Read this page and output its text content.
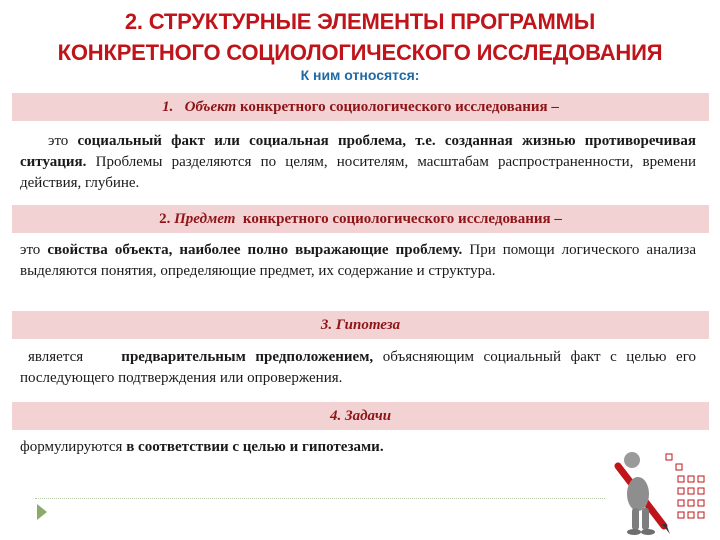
2. СТРУКТУРНЫЕ ЭЛЕМЕНТЫ ПРОГРАММЫ
КОНКРЕТНОГО СОЦИОЛОГИЧЕСКОГО ИССЛЕДОВАНИЯ
К ним относятся:
1. Объект конкретного социологического исследования –
это социальный факт или социальная проблема, т.е. созданная жизнью противоречивая ситуация. Проблемы разделяются по целям, носителям, масштабам распространенности, времени действия, глубине.
2. Предмет конкретного социологического исследования –
это свойства объекта, наиболее полно выражающие проблему. При помощи логического анализа выделяются понятия, определяющие предмет, их содержание и структура.
3. Гипотеза
является	предварительным предположением, объясняющим социальный факт с целью его последующего подтверждения или опровержения.
4. Задачи
формулируются в соответствии с целью и гипотезами.
